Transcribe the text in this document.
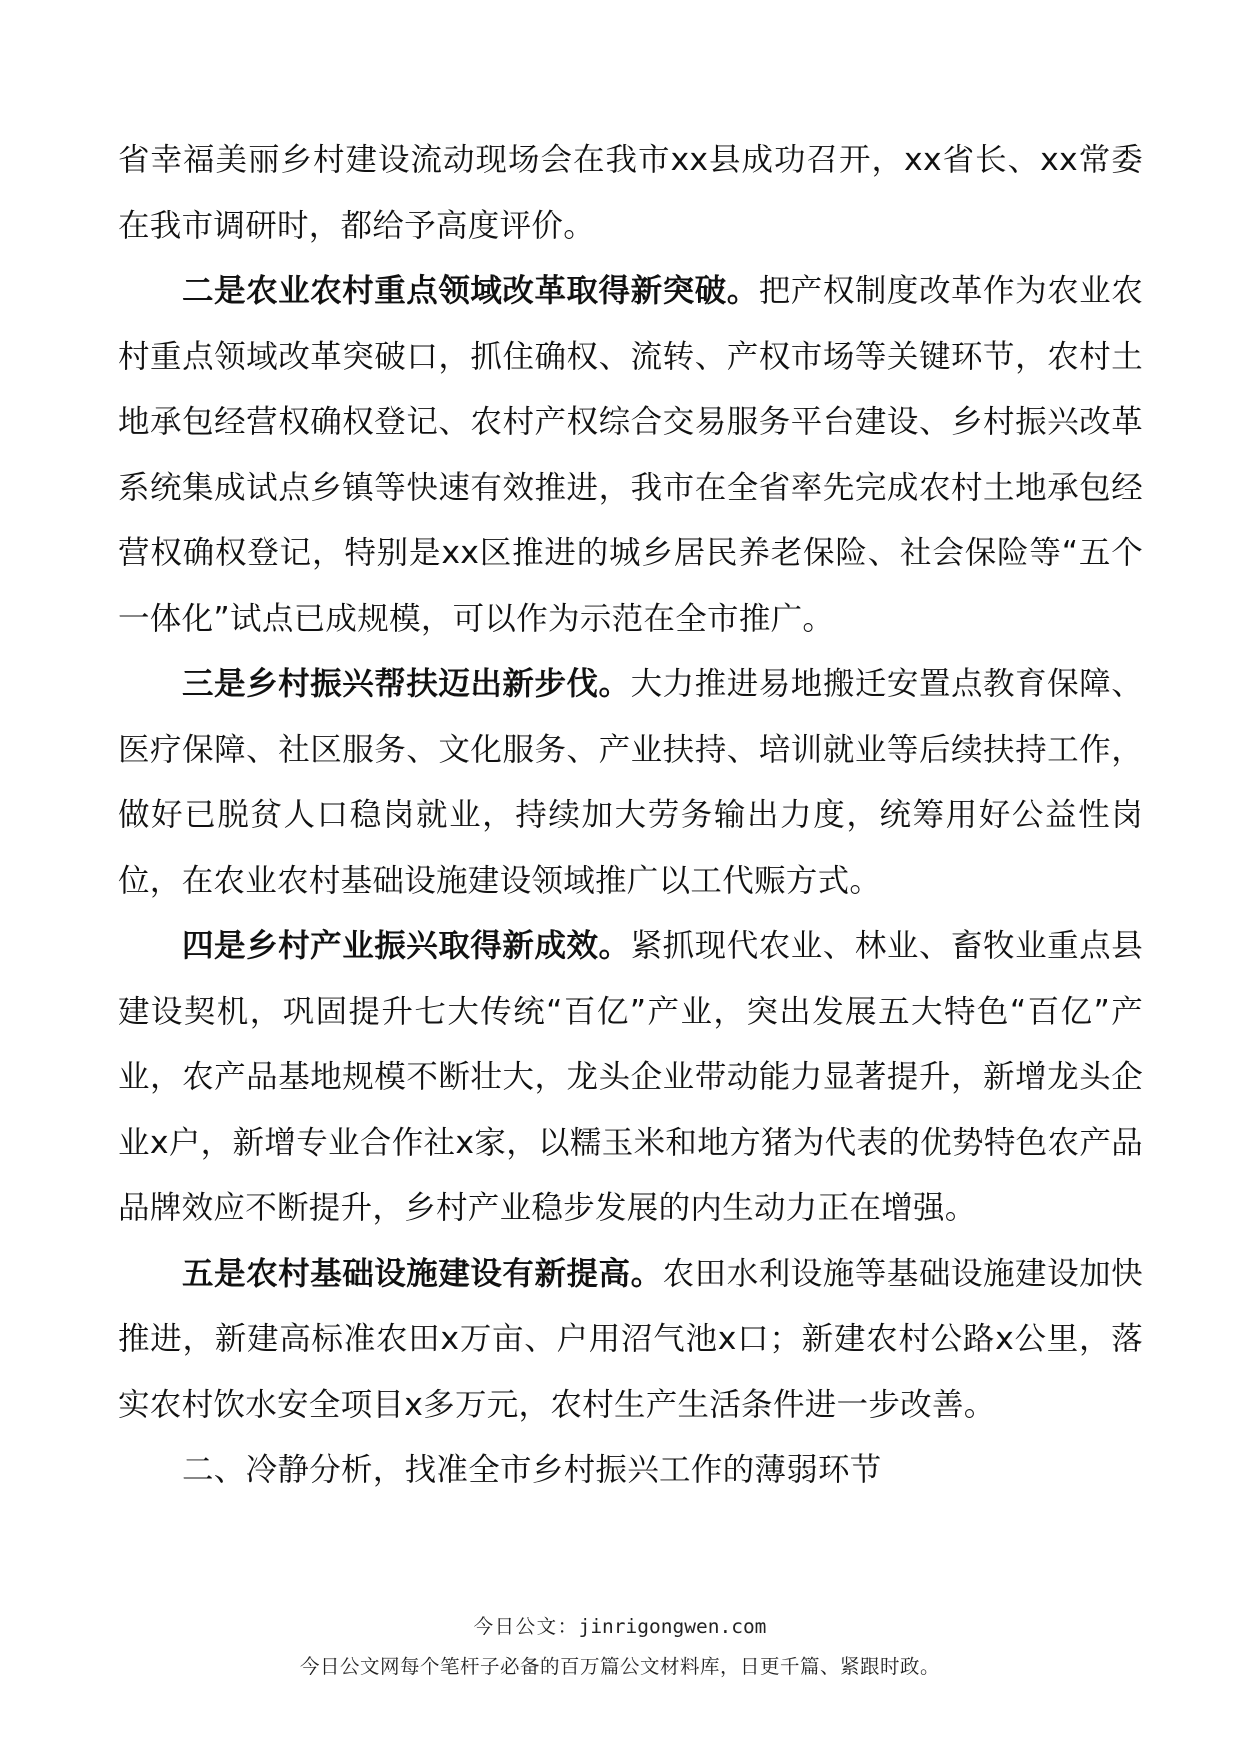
省幸福美丽乡村建设流动现场会在我市xx县成功召开，xx省长、xx常委在我市调研时，都给予高度评价。

二是农业农村重点领域改革取得新突破。把产权制度改革作为农业农村重点领域改革突破口，抓住确权、流转、产权市场等关键环节，农村土地承包经营权确权登记、农村产权综合交易服务平台建设、乡村振兴改革系统集成试点乡镇等快速有效推进，我市在全省率先完成农村土地承包经营权确权登记，特别是xx区推进的城乡居民养老保险、社会保险等“五个一体化”试点已成规模，可以作为示范在全市推广。

三是乡村振兴帮扶迈出新步伐。大力推进易地搬迁安置点教育保障、医疗保障、社区服务、文化服务、产业扶持、培训就业等后续扶持工作，做好已脱贫人口稳岗就业，持续加大劳务输出力度，统筹用好公益性岗位，在农业农村基础设施建设领域推广以工代赈方式。

四是乡村产业振兴取得新成效。紧抓现代农业、林业、畜牧业重点县建设契机，巩固提升七大传统“百亿”产业，突出发展五大特色“百亿”产业，农产品基地规模不断壮大，龙头企业带动能力显著提升，新增龙头企业x户，新增专业合作社x家，以糯玉米和地方猪为代表的优势特色农产品品牌效应不断提升，乡村产业稳步发展的内生动力正在增强。

五是农村基础设施建设有新提高。农田水利设施等基础设施建设加快推进，新建高标准农田x万亩、户用沼气池x口；新建农村公路x公里，落实农村饮水安全项目x多万元，农村生产生活条件进一步改善。

二、冷静分析，找准全市乡村振兴工作的薄弱环节

今日公文：jinrigongwen.com
今日公文网每个笔杆子必备的百万篇公文材料库，日更千篇、紧跟时政。
